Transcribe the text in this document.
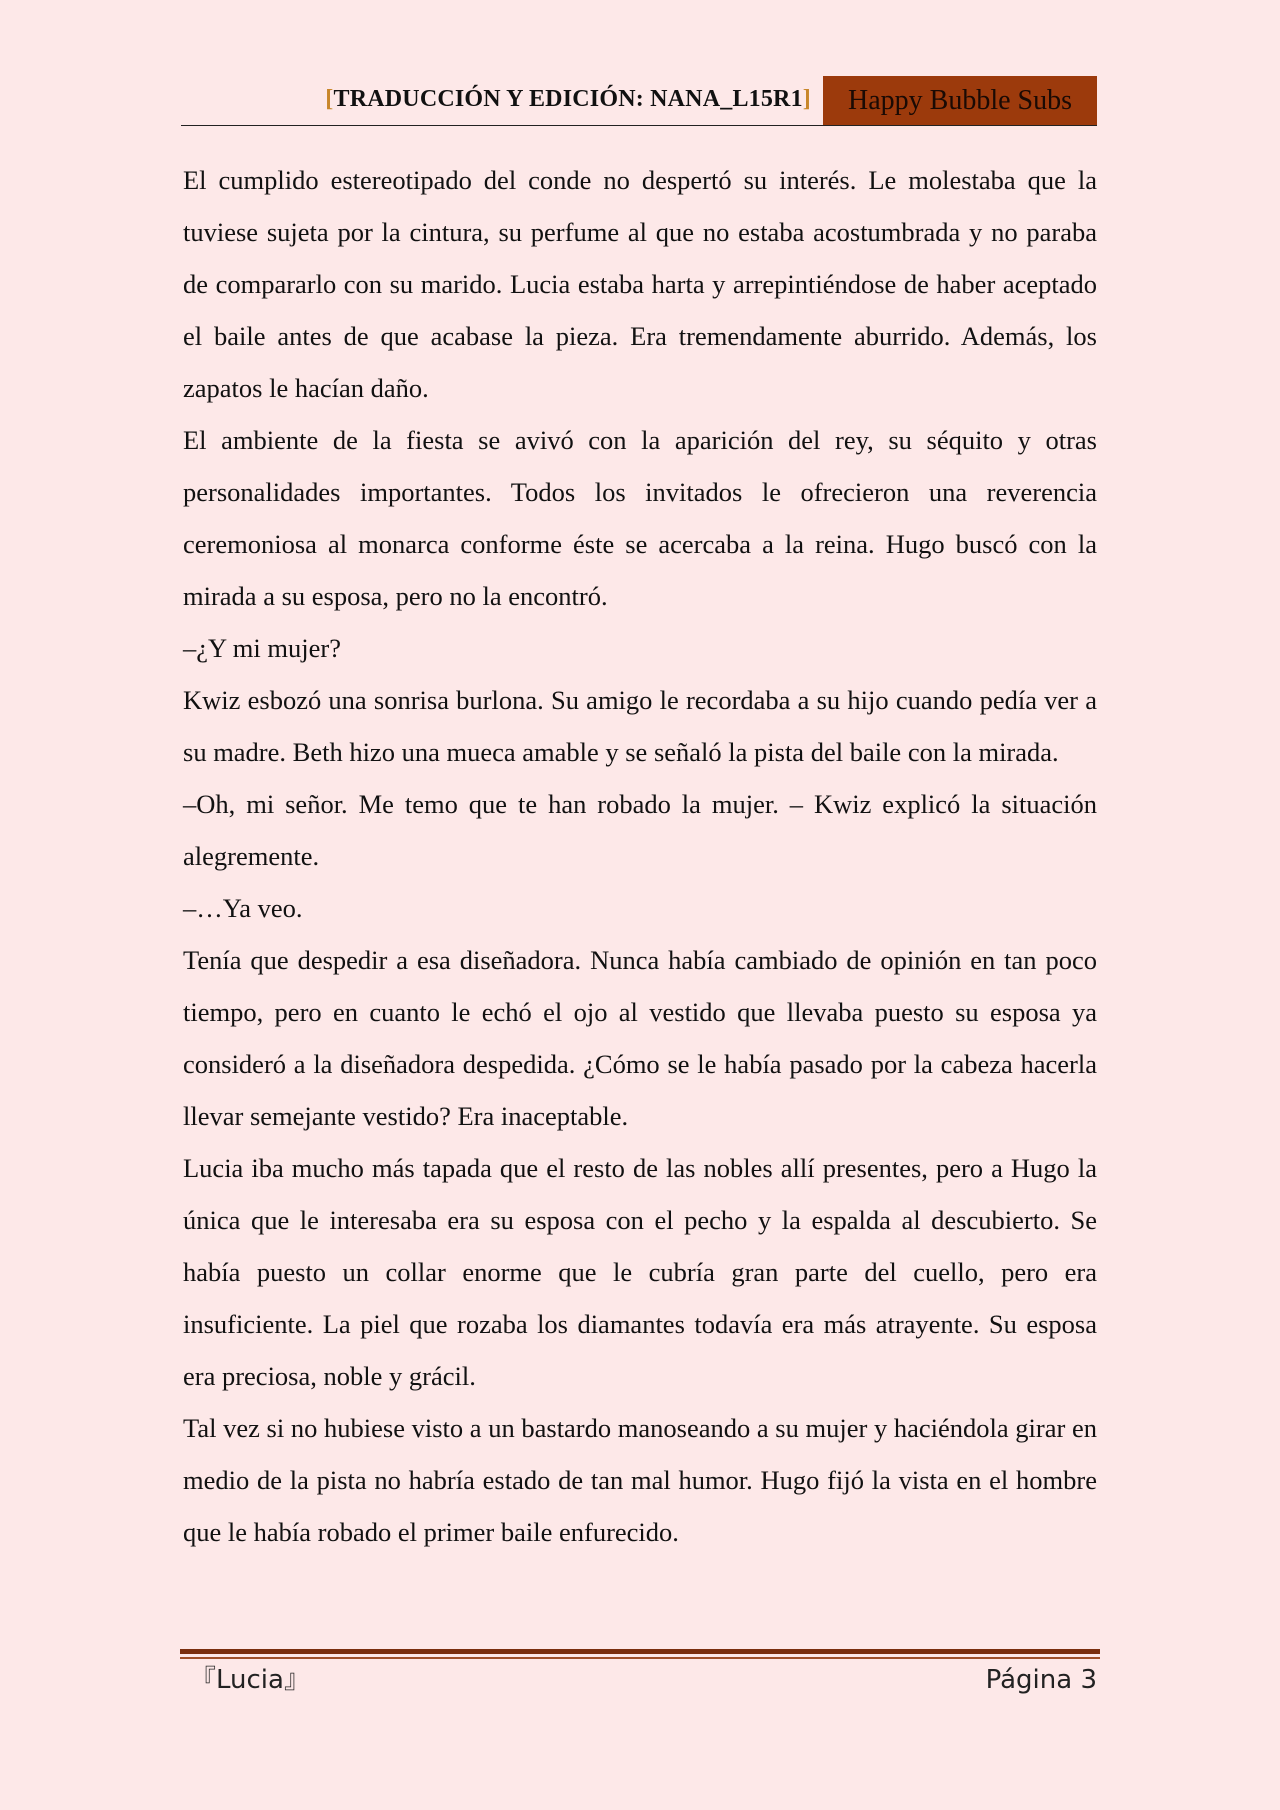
[TRADUCCIÓN Y EDICIÓN: NANA_L15R1]	Happy Bubble Subs

El cumplido estereotipado del conde no despertó su interés. Le molestaba que la tuviese sujeta por la cintura, su perfume al que no estaba acostumbrada y no paraba de compararlo con su marido. Lucia estaba harta y arrepintiéndose de haber aceptado el baile antes de que acabase la pieza. Era tremendamente aburrido. Además, los zapatos le hacían daño.

El ambiente de la fiesta se avivó con la aparición del rey, su séquito y otras personalidades importantes. Todos los invitados le ofrecieron una reverencia ceremoniosa al monarca conforme éste se acercaba a la reina. Hugo buscó con la mirada a su esposa, pero no la encontró.

–¿Y mi mujer?

Kwiz esbozó una sonrisa burlona. Su amigo le recordaba a su hijo cuando pedía ver a su madre. Beth hizo una mueca amable y se señaló la pista del baile con la mirada.

–Oh, mi señor. Me temo que te han robado la mujer. – Kwiz explicó la situación alegremente.

–…Ya veo.

Tenía que despedir a esa diseñadora. Nunca había cambiado de opinión en tan poco tiempo, pero en cuanto le echó el ojo al vestido que llevaba puesto su esposa ya consideró a la diseñadora despedida. ¿Cómo se le había pasado por la cabeza hacerla llevar semejante vestido? Era inaceptable.

Lucia iba mucho más tapada que el resto de las nobles allí presentes, pero a Hugo la única que le interesaba era su esposa con el pecho y la espalda al descubierto. Se había puesto un collar enorme que le cubría gran parte del cuello, pero era insuficiente. La piel que rozaba los diamantes todavía era más atrayente. Su esposa era preciosa, noble y grácil.

Tal vez si no hubiese visto a un bastardo manoseando a su mujer y haciéndola girar en medio de la pista no habría estado de tan mal humor. Hugo fijó la vista en el hombre que le había robado el primer baile enfurecido.

『Lucia』	Página 3
